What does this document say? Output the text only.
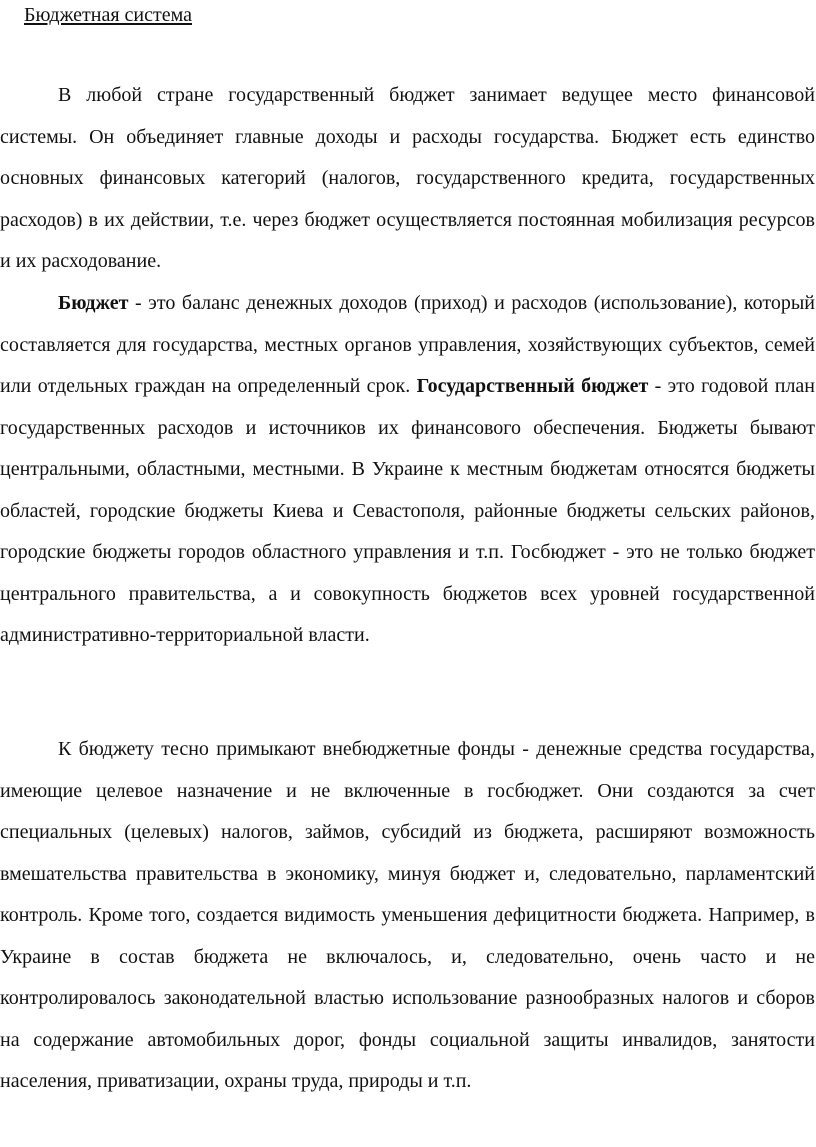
Бюджетная система

В любой стране государственный бюджет занимает ведущее место финансовой системы. Он объединяет главные доходы и расходы государства. Бюджет есть единство основных финансовых категорий (налогов, государственного кредита, государственных расходов) в их действии, т.е. через бюджет осуществляется постоянная мобилизация ресурсов и их расходование.

Бюджет - это баланс денежных доходов (приход) и расходов (использование), который составляется для государства, местных органов управления, хозяйствующих субъектов, семей или отдельных граждан на определенный срок. Государственный бюджет - это годовой план государственных расходов и источников их финансового обеспечения. Бюджеты бывают центральными, областными, местными. В Украине к местным бюджетам относятся бюджеты областей, городские бюджеты Киева и Севастополя, районные бюджеты сельских районов, городские бюджеты городов областного управления и т.п. Госбюджет - это не только бюджет центрального правительства, а и совокупность бюджетов всех уровней государственной административно-территориальной власти.

К бюджету тесно примыкают внебюджетные фонды - денежные средства государства, имеющие целевое назначение и не включенные в госбюджет. Они создаются за счет специальных (целевых) налогов, займов, субсидий из бюджета, расширяют возможность вмешательства правительства в экономику, минуя бюджет и, следовательно, парламентский контроль. Кроме того, создается видимость уменьшения дефицитности бюджета. Например, в Украине в состав бюджета не включалось, и, следовательно, очень часто и не контролировалось законодательной властью использование разнообразных налогов и сборов на содержание автомобильных дорог, фонды социальной защиты инвалидов, занятости населения, приватизации, охраны труда, природы и т.п.
